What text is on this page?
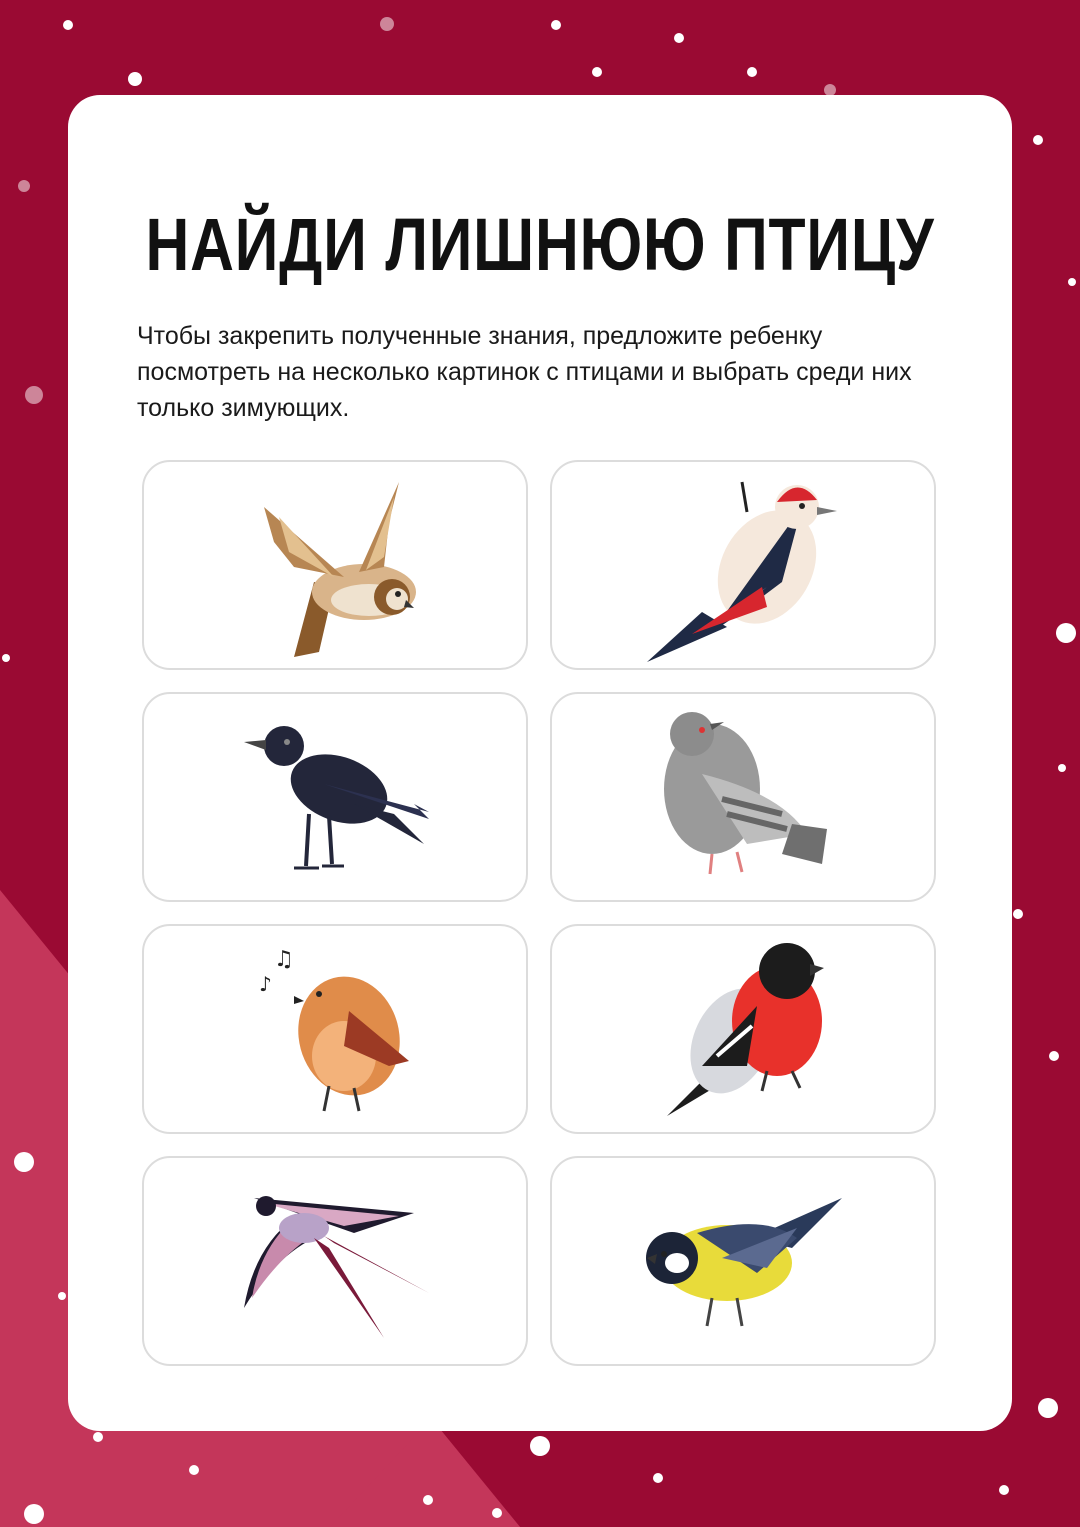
НАЙДИ ЛИШНЮЮ ПТИЦУ

Чтобы закрепить полученные знания, предложите ребенку посмотреть на несколько картинок с птицами и выбрать среди них только зимующих.

♫
♪
